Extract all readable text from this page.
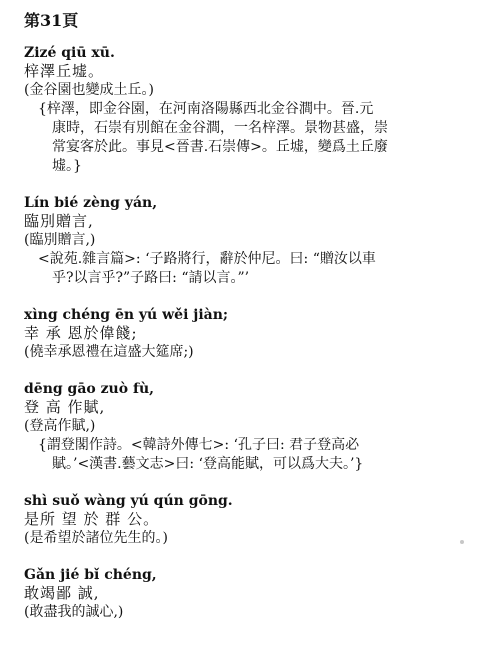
第31頁
Zizé qiū xū.
梓澤丘墟。
(金谷園也變成土丘。)

{梓澤，即金谷園，在河南洛陽縣西北金谷澗中。晉.元

康時，石崇有別館在金谷澗，一名梓澤。景物甚盛，崇

常宴客於此。事見<晉書.石崇傳>。丘墟，變爲土丘廢

墟。}

Lín bié zèng yán,
臨別贈言,
(臨別贈言,)

<說苑.雜言篇>: ‘子路將行，辭於仲尼。曰: “贈汝以車

乎?以言乎?”子路曰: “請以言。”’

xìng chéng ēn yú wěi jiàn;
幸 承 恩於偉餞;
(僥幸承恩禮在這盛大筵席;)
dēng gāo zuò fù,
登 高 作賦,
(登高作賦,)

{謂登閣作詩。<韓詩外傳七>: ‘孔子曰: 君子登高必

賦。’<漢書.藝文志>曰: ‘登高能賦，可以爲大夫。’}

shì suǒ wàng yú qún gōng.
是所 望 於 群 公。
(是希望於諸位先生的。)
Gǎn jié bǐ chéng,
敢竭鄙 誠,
(敢盡我的誠心,)
